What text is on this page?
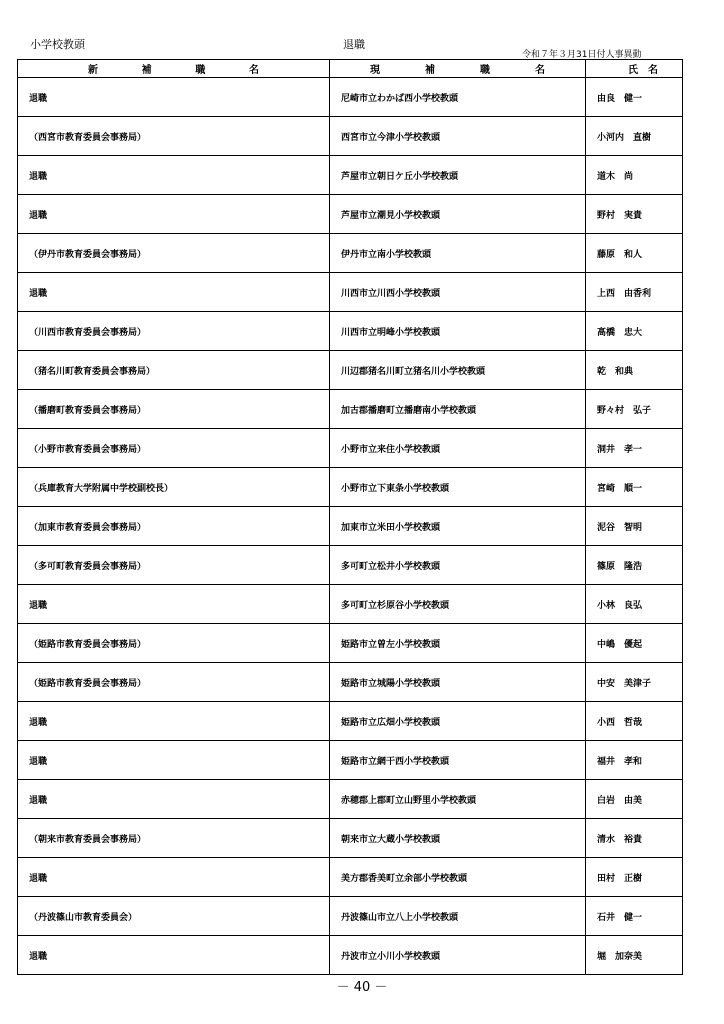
小学校教頭	退職
令和７年３月31日付人事異動
新 補 職 名	現 補 職 名	氏 名

退職	尼崎市立わかば西小学校教頭	由良　健一
（西宮市教育委員会事務局）	西宮市立今津小学校教頭	小河内　直樹
退職	芦屋市立朝日ケ丘小学校教頭	道木　尚
退職	芦屋市立潮見小学校教頭	野村　実貴
（伊丹市教育委員会事務局）	伊丹市立南小学校教頭	藤原　和人
退職	川西市立川西小学校教頭	上西　由香利
（川西市教育委員会事務局）	川西市立明峰小学校教頭	高橋　忠大
（猪名川町教育委員会事務局）	川辺郡猪名川町立猪名川小学校教頭	乾　和典
（播磨町教育委員会事務局）	加古郡播磨町立播磨南小学校教頭	野々村　弘子
（小野市教育委員会事務局）	小野市立来住小学校教頭	洞井　孝一
（兵庫教育大学附属中学校副校長）	小野市立下東条小学校教頭	宮崎　順一
（加東市教育委員会事務局）	加東市立米田小学校教頭	泥谷　智明
（多可町教育委員会事務局）	多可町立松井小学校教頭	篠原　隆浩
退職	多可町立杉原谷小学校教頭	小林　良弘
（姫路市教育委員会事務局）	姫路市立曽左小学校教頭	中嶋　優起
（姫路市教育委員会事務局）	姫路市立城陽小学校教頭	中安　美津子
退職	姫路市立広畑小学校教頭	小西　哲哉
退職	姫路市立網干西小学校教頭	福井　孝和
退職	赤穂郡上郡町立山野里小学校教頭	白岩　由美
（朝来市教育委員会事務局）	朝来市立大蔵小学校教頭	清水　裕貴
退職	美方郡香美町立余部小学校教頭	田村　正樹
（丹波篠山市教育委員会）	丹波篠山市立八上小学校教頭	石井　健一
退職	丹波市立小川小学校教頭	堀　加奈美
－ 40 －
